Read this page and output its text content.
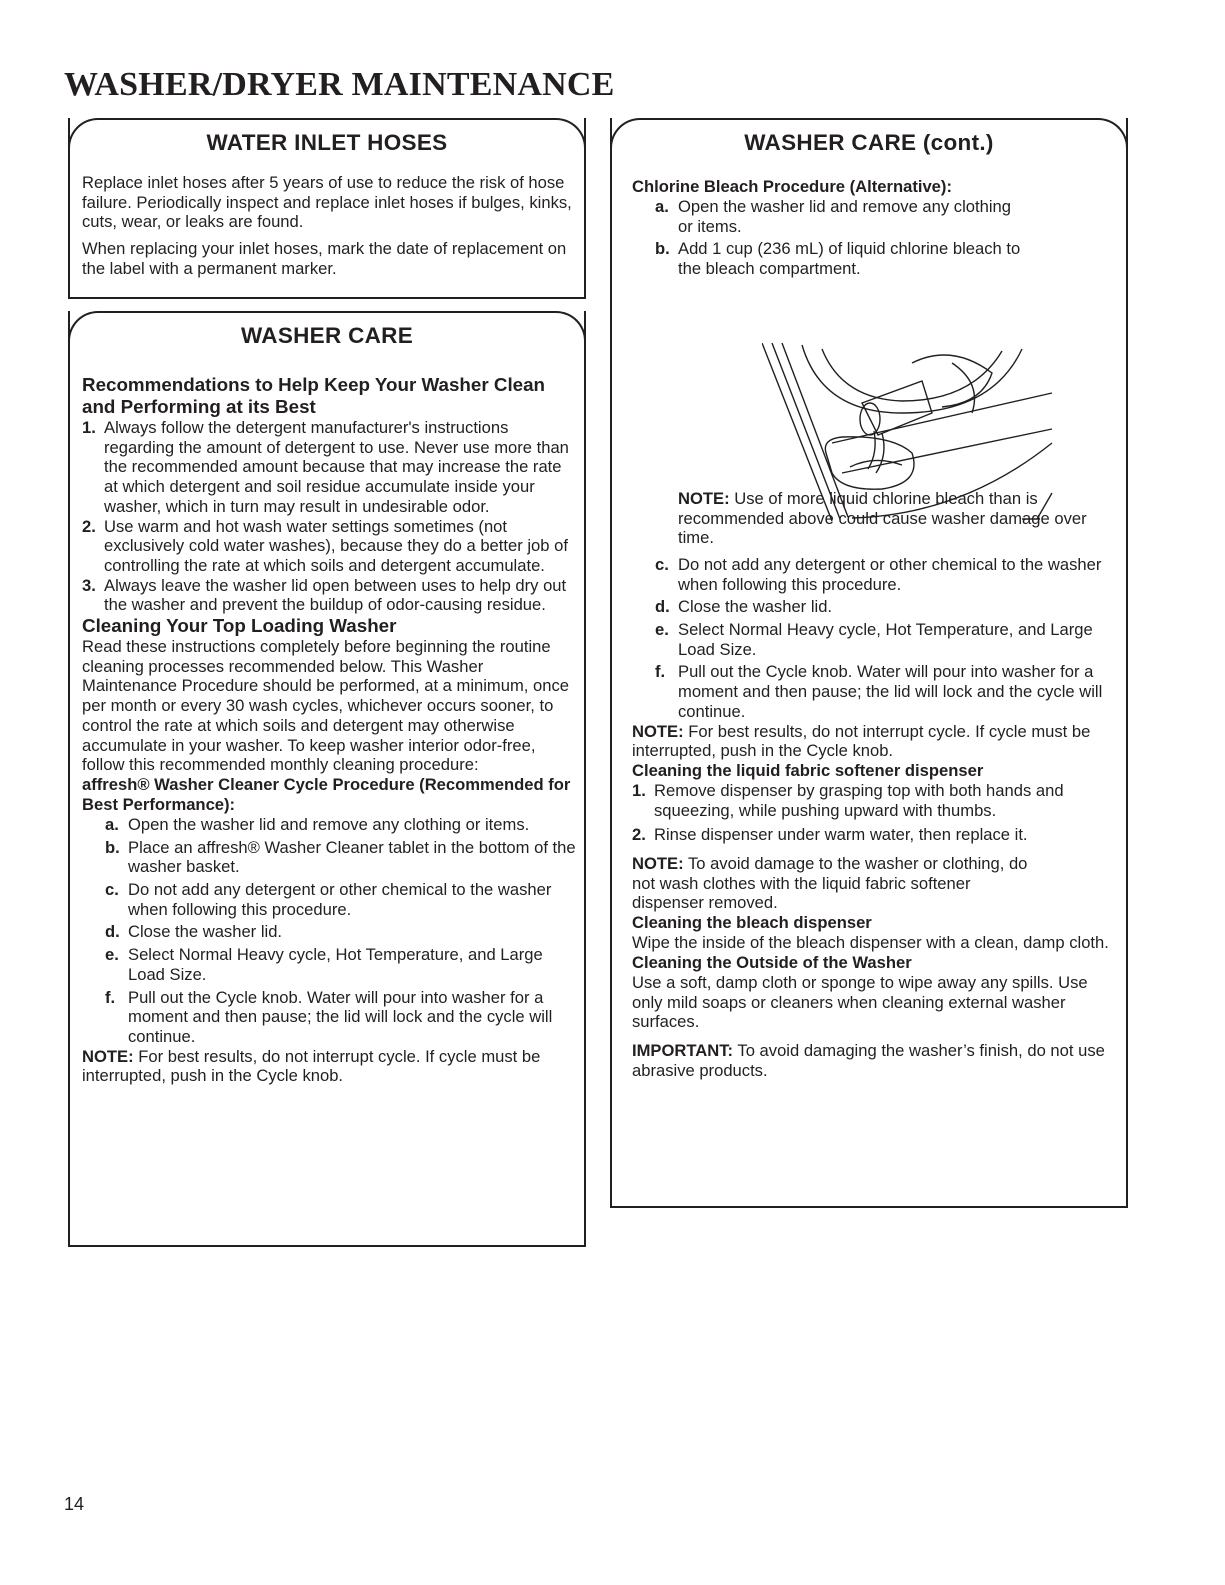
WASHER/DRYER MAINTENANCE
WATER INLET HOSES

Replace inlet hoses after 5 years of use to reduce the risk of hose failure. Periodically inspect and replace inlet hoses if bulges, kinks, cuts, wear, or leaks are found.

When replacing your inlet hoses, mark the date of replacement on the label with a permanent marker.

WASHER CARE
Recommendations to Help Keep Your Washer Clean and Performing at its Best
1. Always follow the detergent manufacturer's instructions regarding the amount of detergent to use. Never use more than the recommended amount because that may increase the rate at which detergent and soil residue accumulate inside your washer, which in turn may result in undesirable odor.
2. Use warm and hot wash water settings sometimes (not exclusively cold water washes), because they do a better job of controlling the rate at which soils and detergent accumulate.
3. Always leave the washer lid open between uses to help dry out the washer and prevent the buildup of odor-causing residue.
Cleaning Your Top Loading Washer

Read these instructions completely before beginning the routine cleaning processes recommended below. This Washer Maintenance Procedure should be performed, at a minimum, once per month or every 30 wash cycles, whichever occurs sooner, to control the rate at which soils and detergent may otherwise accumulate in your washer. To keep washer interior odor-free, follow this recommended monthly cleaning procedure:

affresh® Washer Cleaner Cycle Procedure (Recommended for Best Performance):
a. Open the washer lid and remove any clothing or items.
b. Place an affresh® Washer Cleaner tablet in the bottom of the washer basket.
c. Do not add any detergent or other chemical to the washer when following this procedure.
d. Close the washer lid.
e. Select Normal Heavy cycle, Hot Temperature, and Large Load Size.
f. Pull out the Cycle knob. Water will pour into washer for a moment and then pause; the lid will lock and the cycle will continue.

NOTE: For best results, do not interrupt cycle. If cycle must be interrupted, push in the Cycle knob.

WASHER CARE (cont.)
Chlorine Bleach Procedure (Alternative):
a. Open the washer lid and remove any clothing or items.
b. Add 1 cup (236 mL) of liquid chlorine bleach to the bleach compartment.

NOTE: Use of more liquid chlorine bleach than is recommended above could cause washer damage over time.

c. Do not add any detergent or other chemical to the washer when following this procedure.
d. Close the washer lid.
e. Select Normal Heavy cycle, Hot Temperature, and Large Load Size.
f. Pull out the Cycle knob. Water will pour into washer for a moment and then pause; the lid will lock and the cycle will continue.

NOTE: For best results, do not interrupt cycle. If cycle must be interrupted, push in the Cycle knob.

Cleaning the liquid fabric softener dispenser
1. Remove dispenser by grasping top with both hands and squeezing, while pushing upward with thumbs.
2. Rinse dispenser under warm water, then replace it.

NOTE: To avoid damage to the washer or clothing, do not wash clothes with the liquid fabric softener dispenser removed.

Cleaning the bleach dispenser

Wipe the inside of the bleach dispenser with a clean, damp cloth.

Cleaning the Outside of the Washer

Use a soft, damp cloth or sponge to wipe away any spills. Use only mild soaps or cleaners when cleaning external washer surfaces.

IMPORTANT: To avoid damaging the washer’s finish, do not use abrasive products.

14
